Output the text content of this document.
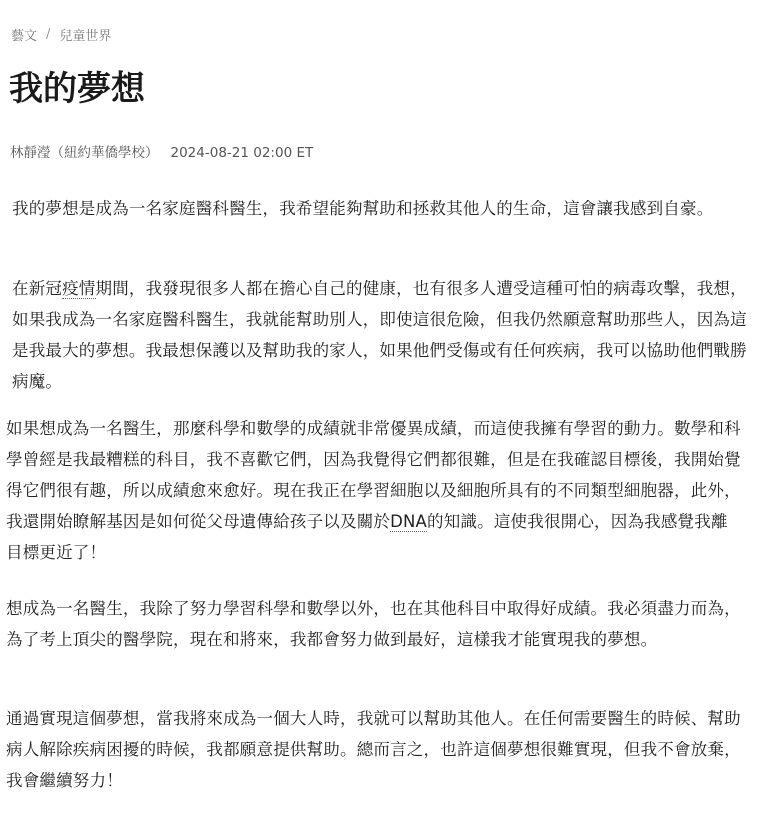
藝文 / 兒童世界
我的夢想
林靜瀅（紐約華僑學校） 2024-08-21 02:00 ET

我的夢想是成為一名家庭醫科醫生，我希望能夠幫助和拯救其他人的生命，這會讓我感到自豪。

在新冠疫情期間，我發現很多人都在擔心自己的健康，也有很多人遭受這種可怕的病毒攻擊，我想，如果我成為一名家庭醫科醫生，我就能幫助別人，即使這很危險，但我仍然願意幫助那些人，因為這是我最大的夢想。我最想保護以及幫助我的家人，如果他們受傷或有任何疾病，我可以協助他們戰勝病魔。

如果想成為一名醫生，那麼科學和數學的成績就非常優異成績，而這使我擁有學習的動力。數學和科學曾經是我最糟糕的科目，我不喜歡它們，因為我覺得它們都很難，但是在我確認目標後，我開始覺得它們很有趣，所以成績愈來愈好。現在我正在學習細胞以及細胞所具有的不同類型細胞器，此外，我還開始瞭解基因是如何從父母遺傳給孩子以及關於DNA的知識。這使我很開心，因為我感覺我離目標更近了！

想成為一名醫生，我除了努力學習科學和數學以外，也在其他科目中取得好成績。我必須盡力而為，為了考上頂尖的醫學院，現在和將來，我都會努力做到最好，這樣我才能實現我的夢想。

通過實現這個夢想，當我將來成為一個大人時，我就可以幫助其他人。在任何需要醫生的時候、幫助病人解除疾病困擾的時候，我都願意提供幫助。總而言之，也許這個夢想很難實現，但我不會放棄，我會繼續努力！
